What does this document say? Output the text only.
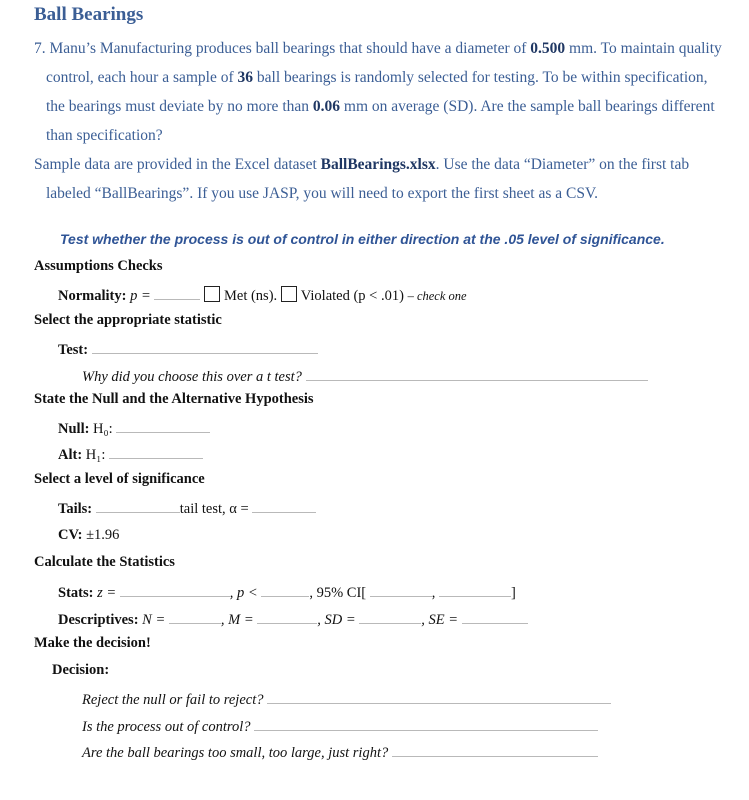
Ball Bearings
7. Manu’s Manufacturing produces ball bearings that should have a diameter of 0.500 mm. To maintain quality control, each hour a sample of 36 ball bearings is randomly selected for testing. To be within specification, the bearings must deviate by no more than 0.06 mm on average (SD). Are the sample ball bearings different than specification?
Sample data are provided in the Excel dataset BallBearings.xlsx. Use the data “Diameter” on the first tab labeled “BallBearings”. If you use JASP, you will need to export the first sheet as a CSV.
Test whether the process is out of control in either direction at the .05 level of significance.
Assumptions Checks
Normality: p =	Met (ns). Violated (p < .01) – check one
Select the appropriate statistic
Test:
Why did you choose this over a t test?
State the Null and the Alternative Hypothesis
Null: H₀:
Alt: H₁:
Select a level of significance
Tails:	tail test, α =
CV: ±1.96
Calculate the Statistics
Stats: z =	, p <	, 95% CI[	,	]
Descriptives: N =	, M =	, SD =	, SE =
Make the decision!
Decision:
Reject the null or fail to reject?
Is the process out of control?
Are the ball bearings too small, too large, just right?
